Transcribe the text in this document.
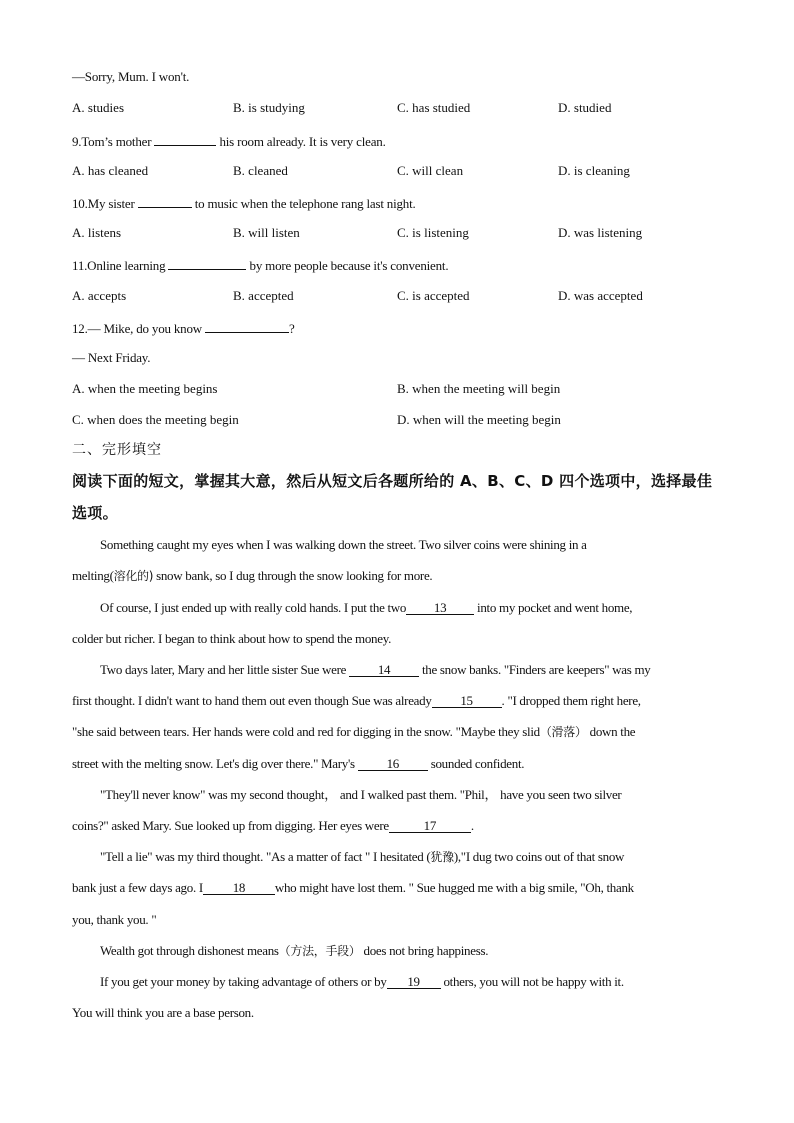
—Sorry, Mum. I won't.
A. studies	B. is studying	C. has studied	D. studied
9.Tom’s mother	his room already. It is very clean.
A. has cleaned	B. cleaned	C. will clean	D. is cleaning
10.My sister	to music when the telephone rang last night.
A. listens	B. will listen	C. is listening	D. was listening
11.Online learning	by more people because it's convenient.
A. accepts	B. accepted	C. is accepted	D. was accepted
12.— Mike, do you know	?
— Next Friday.
A. when the meeting begins	B. when the meeting will begin
C. when does the meeting begin	D. when will the meeting begin
二、完形填空
阅读下面的短文，掌握其大意，然后从短文后各题所给的 A、B、C、D 四个选项中，选择最佳
选项。
Something caught my eyes when I was walking down the street. Two silver coins were shining in a
melting(溶化的) snow bank, so I dug through the snow looking for more.
Of course, I just ended up with really cold hands. I put the two 13 into my pocket and went home,
colder but richer. I began to think about how to spend the money.
Two days later, Mary and her little sister Sue were 14 the snow banks. "Finders are keepers" was my
first thought. I didn't want to hand them out even though Sue was already 15 . "I dropped them right here,
"she said between tears. Her hands were cold and red for digging in the snow. "Maybe they slid（滑落） down the
street with the melting snow. Let's dig over there." Mary's 16 sounded confident.
"They'll never know" was my second thought， and I walked past them. "Phil， have you seen two silver
coins?" asked Mary. Sue looked up from digging. Her eyes were	17	.
"Tell a lie" was my third thought. "As a matter of fact " I hesitated (犹豫),"I dug two coins out of that snow
bank just a few days ago. I 18 who might have lost them. " Sue hugged me with a big smile, "Oh, thank
you, thank you. "
Wealth got through dishonest means（方法，手段） does not bring happiness.
If you get your money by taking advantage of others or by 19 others, you will not be happy with it.
You will think you are a base person.
